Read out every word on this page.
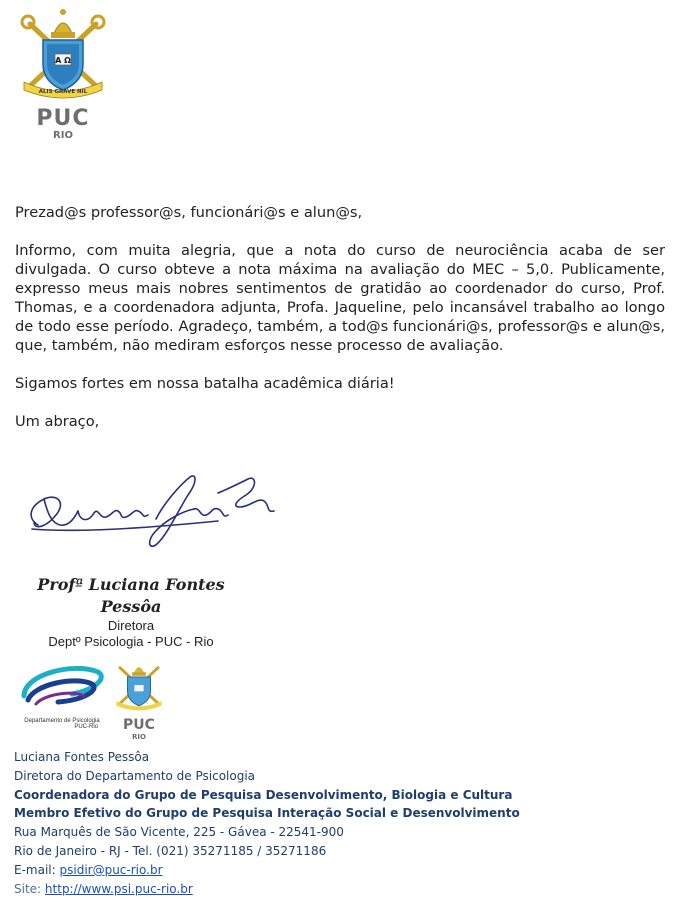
A Ω
ALIS GRAVE NIL
PUC
RIO

Prezad@s professor@s, funcionári@s e alun@s,

Informo, com muita alegria, que a nota do curso de neurociência acaba de ser divulgada. O curso obteve a nota máxima na avaliação do MEC – 5,0. Publicamente, expresso meus mais nobres sentimentos de gratidão ao coordenador do curso, Prof. Thomas, e a coordenadora adjunta, Profa. Jaqueline, pelo incansável trabalho ao longo de todo esse período. Agradeço, também, a tod@s funcionári@s, professor@s e alun@s, que, também, não mediram esforços nesse processo de avaliação.

Sigamos fortes em nossa batalha acadêmica diária!

Um abraço,

Profª Luciana Fontes Pessôa
Diretora
Deptº Psicologia - PUC - Rio
Departamento de Psicologia
PUC-Rio	PUC
RIO
Luciana Fontes Pessôa
Diretora do Departamento de Psicologia
Coordenadora do Grupo de Pesquisa Desenvolvimento, Biologia e Cultura
Membro Efetivo do Grupo de Pesquisa Interação Social e Desenvolvimento
Rua Marquês de São Vicente, 225 - Gávea - 22541-900
Rio de Janeiro - RJ - Tel. (021) 35271185 / 35271186
E-mail: psidir@puc-rio.br
Site: http://www.psi.puc-rio.br
